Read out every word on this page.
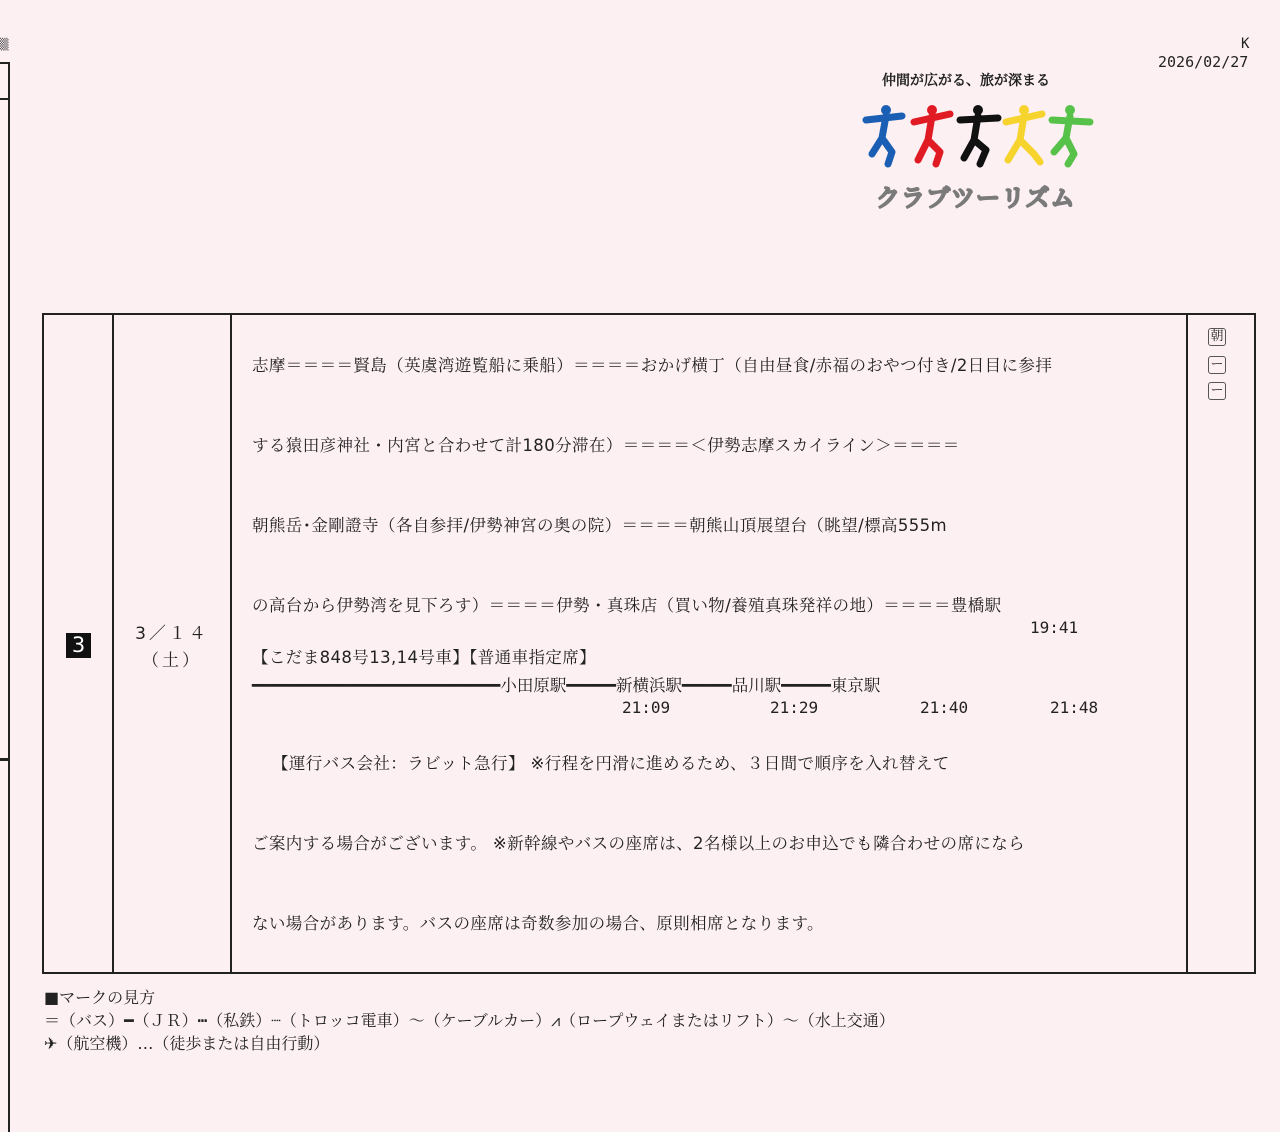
▒	K
2026/02/27
仲間が広がる、旅が深まる
クラブツーリズム
3	3／１４
（土）
志摩＝＝＝＝賢島（英虞湾遊覧船に乗船）＝＝＝＝おかげ横丁（自由昼食/赤福のおやつ付き/2日目に参拝
する猿田彦神社・内宮と合わせて計180分滞在）＝＝＝＝＜伊勢志摩スカイライン＞＝＝＝＝
朝熊岳･金剛證寺（各自参拝/伊勢神宮の奥の院）＝＝＝＝朝熊山頂展望台（眺望/標高555m
の高台から伊勢湾を見下ろす）＝＝＝＝伊勢・真珠店（買い物/養殖真珠発祥の地）＝＝＝＝豊橋駅
19:41
【こだま848号13,14号車】【普通車指定席】
━━━━━━━━━━━━━━━━━━━━━━━━━小田原駅━━━━━新横浜駅━━━━━品川駅━━━━━東京駅
21:09	21:29	21:40	21:48
【運行バス会社：ラビット急行】 ※行程を円滑に進めるため、３日間で順序を入れ替えて
ご案内する場合がございます。 ※新幹線やバスの座席は、2名様以上のお申込でも隣合わせの席になら
ない場合があります。バスの座席は奇数参加の場合、原則相席となります。
朝
ー
ー
■マークの見方
＝（バス）━（ＪＲ）┅（私鉄）┈（トロッコ電車）〜（ケーブルカー）⩘（ロープウェイまたはリフト）〜（水上交通）
✈（航空機）…（徒歩または自由行動）
